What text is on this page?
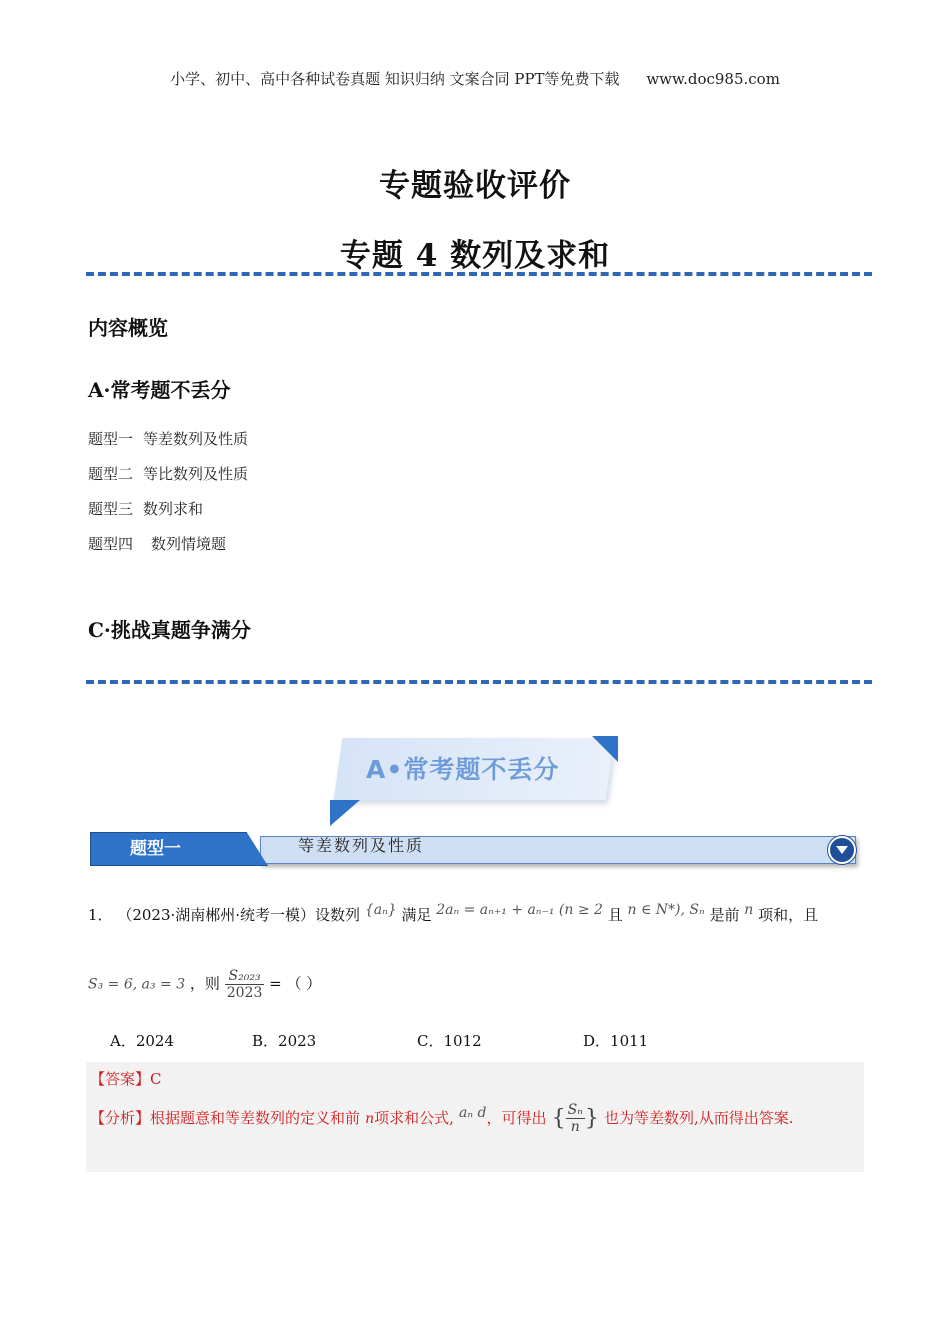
小学、初中、高中各种试卷真题 知识归纳 文案合同 PPT等免费下载 www.doc985.com
专题验收评价
专题 4 数列及求和
内容概览
A·常考题不丢分
题型一 等差数列及性质
题型二 等比数列及性质
题型三 数列求和
题型四 数列情境题
C·挑战真题争满分
A•常考题不丢分
题型一	等差数列及性质
1． （2023·湖南郴州·统考一模）设数列 {aₙ} 满足 2aₙ = aₙ₊₁ + aₙ₋₁ (n ≥ 2 且 n ∈ N*), Sₙ 是前 n 项和，且
S₃ = 6, a₃ = 3 ，则 $\frac{\text{S₂₀₂₃}}{2023}$ = （ ）
A．2024	B．2023	C．1012	D．1011
【答案】C
【分析】根据题意和等差数列的定义和前 n项求和公式, aₙ d，可得出 { $\frac{\text{Sₙ}}{n}$ } 也为等差数列,从而得出答案.
